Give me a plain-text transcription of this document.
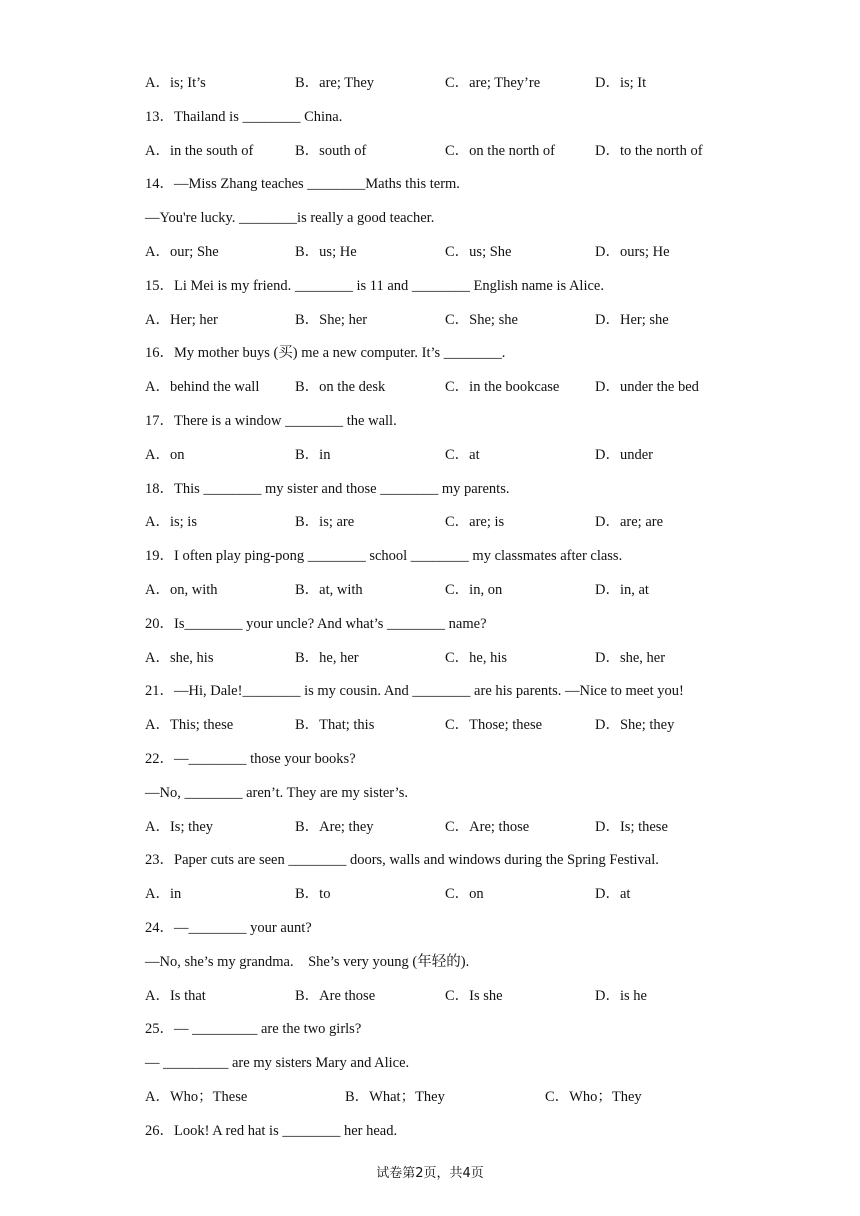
A．is; It’s	B．are; They	C．are; They’re	D．is; It
13．Thailand is ________ China.
A．in the south of	B．south of	C．on the north of	D．to the north of
14．—Miss Zhang teaches ________Maths this term.
—You're lucky. ________is really a good teacher.
A．our; She	B．us; He	C．us; She	D．ours; He
15．Li Mei is my friend. ________ is 11 and ________ English name is Alice.
A．Her; her	B．She; her	C．She; she	D．Her; she
16．My mother buys (买) me a new computer. It’s ________.
A．behind the wall	B．on the desk	C．in the bookcase	D．under the bed
17．There is a window ________ the wall.
A．on	B．in	C．at	D．under
18．This ________ my sister and those ________ my parents.
A．is; is	B．is; are	C．are; is	D．are; are
19．I often play ping-pong ________ school ________ my classmates after class.
A．on, with	B．at, with	C．in, on	D．in, at
20．Is________ your uncle? And what’s ________ name?
A．she, his	B．he, her	C．he, his	D．she, her
21．—Hi, Dale!________ is my cousin. And ________ are his parents. —Nice to meet you!
A．This; these	B．That; this	C．Those; these	D．She; they
22．—________ those your books?
—No, ________ aren’t. They are my sister’s.
A．Is; they	B．Are; they	C．Are; those	D．Is; these
23．Paper cuts are seen ________ doors, walls and windows during the Spring Festival.
A．in	B．to	C．on	D．at
24．—________ your aunt?
—No, she’s my grandma.　She’s very young (年轻的).
A．Is that	B．Are those	C．Is she	D．is he
25．— _________ are the two girls?
— _________ are my sisters Mary and Alice.
A．Who；These	B．What；They	C．Who；They
26．Look! A red hat is ________ her head.
试卷第2页，共4页
